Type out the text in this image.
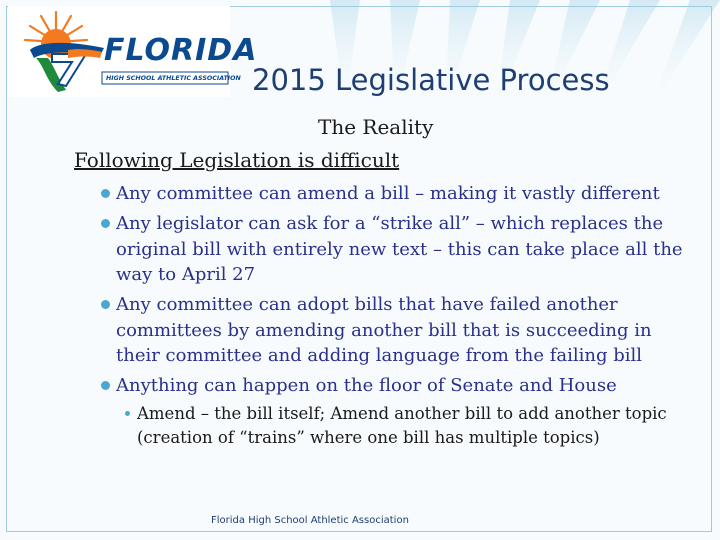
FLORIDA
HIGH SCHOOL ATHLETIC ASSOCIATION 2015 Legislative Process
The Reality
Following Legislation is difficult
Any committee can amend a bill – making it vastly different
Any legislator can ask for a “strike all” – which replaces the original bill with entirely new text – this can take place all the way to April 27
Any committee can adopt bills that have failed another committees by amending another bill that is succeeding in their committee and adding language from the failing bill
Anything can happen on the floor of Senate and House
Amend – the bill itself; Amend another bill to add another topic (creation of “trains” where one bill has multiple topics)
Florida High School Athletic Association
